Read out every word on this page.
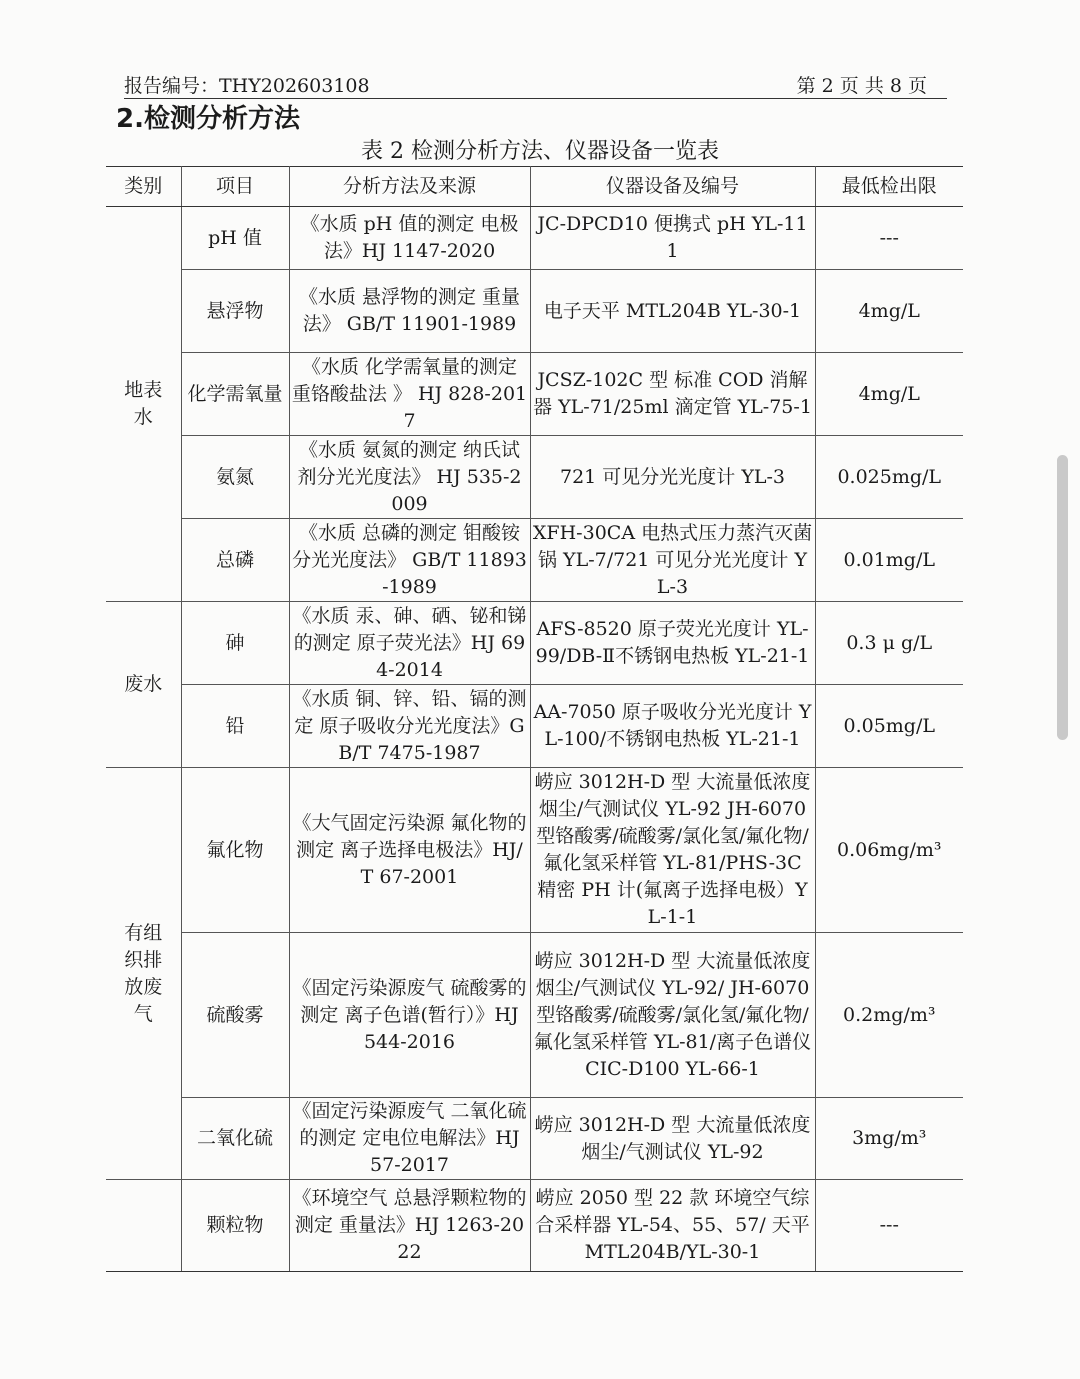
报告编号：THY202603108	第 2 页 共 8 页
2.检测分析方法
表 2 检测分析方法、仪器设备一览表
类别	项目	分析方法及来源	仪器设备及编号	最低检出限
地表水	pH 值	《水质 pH 值的测定 电极法》HJ 1147-2020	JC-DPCD10 便携式 pH YL-111	---
	悬浮物	《水质 悬浮物的测定 重量法》 GB/T 11901-1989	电子天平 MTL204B YL-30-1	4mg/L
	化学需氧量	《水质 化学需氧量的测定 重铬酸盐法 》 HJ 828-2017	JCSZ-102C 型 标准 COD 消解器 YL-71/25ml 滴定管 YL-75-1	4mg/L
	氨氮	《水质 氨氮的测定 纳氏试剂分光光度法》 HJ 535-2009	721 可见分光光度计 YL-3	0.025mg/L
	总磷	《水质 总磷的测定 钼酸铵分光光度法》 GB/T 11893-1989	XFH-30CA 电热式压力蒸汽灭菌锅 YL-7/721 可见分光光度计 YL-3	0.01mg/L
废水	砷	《水质 汞、砷、硒、铋和锑的测定 原子荧光法》HJ 694-2014	AFS-8520 原子荧光光度计 YL-99/DB-Ⅱ不锈钢电热板 YL-21-1	0.3 μ g/L
	铅	《水质 铜、锌、铅、镉的测定 原子吸收分光光度法》GB/T 7475-1987	AA-7050 原子吸收分光光度计 YL-100/不锈钢电热板 YL-21-1	0.05mg/L
有组织排放废气	氟化物	《大气固定污染源 氟化物的测定 离子选择电极法》HJ/T 67-2001	崂应 3012H-D 型 大流量低浓度烟尘/气测试仪 YL-92 JH-6070 型铬酸雾/硫酸雾/氯化氢/氟化物/氟化氢采样管 YL-81/PHS-3C 精密 PH 计(氟离子选择电极）YL-1-1	0.06mg/m³
	硫酸雾	《固定污染源废气 硫酸雾的测定 离子色谱(暂行）》HJ 544-2016	崂应 3012H-D 型 大流量低浓度烟尘/气测试仪 YL-92/ JH-6070 型铬酸雾/硫酸雾/氯化氢/氟化物/氟化氢采样管 YL-81/离子色谱仪 CIC-D100 YL-66-1	0.2mg/m³
	二氧化硫	《固定污染源废气 二氧化硫的测定 定电位电解法》HJ 57-2017	崂应 3012H-D 型 大流量低浓度烟尘/气测试仪 YL-92	3mg/m³
	颗粒物	《环境空气 总悬浮颗粒物的测定 重量法》HJ 1263-2022	崂应 2050 型 22 款 环境空气综合采样器 YL-54、55、57/ 天平 MTL204B/YL-30-1	---
